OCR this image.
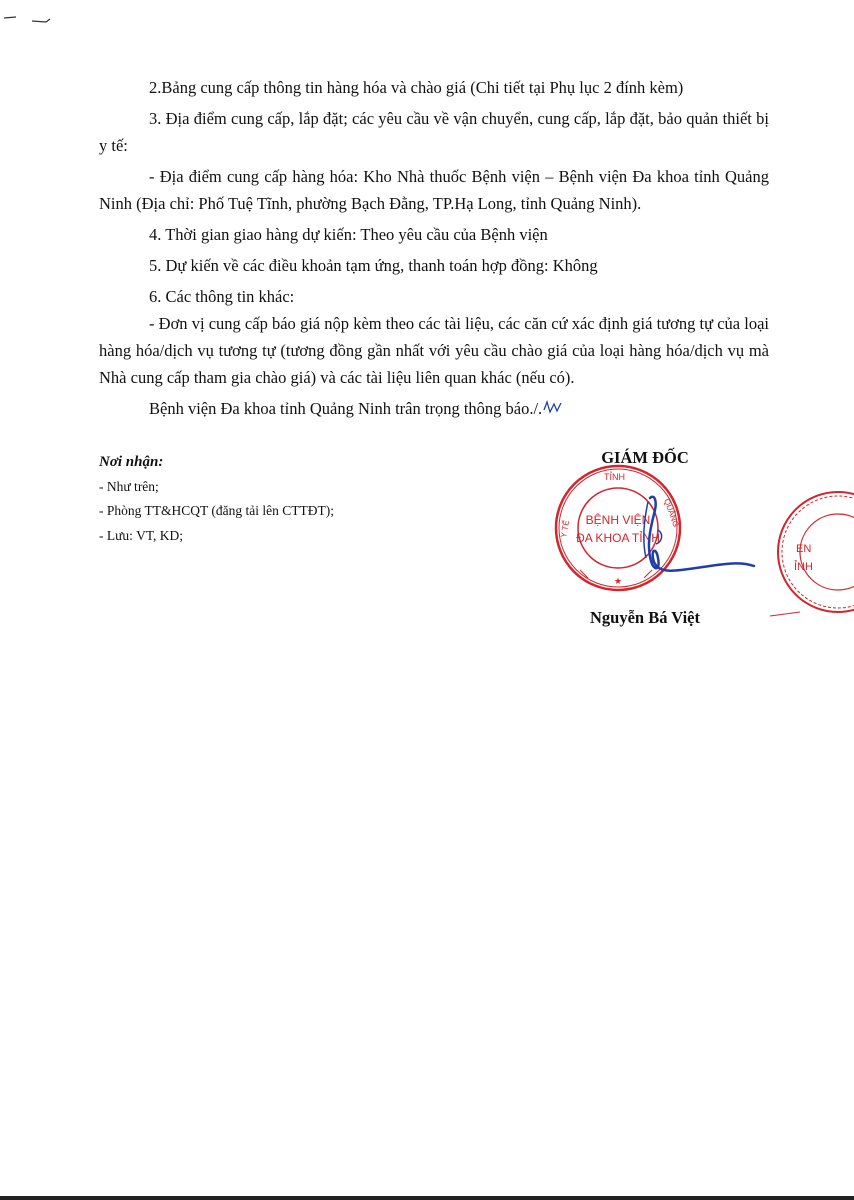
2.Bảng cung cấp thông tin hàng hóa và chào giá (Chi tiết tại Phụ lục 2 đính kèm)

3. Địa điểm cung cấp, lắp đặt; các yêu cầu về vận chuyển, cung cấp, lắp đặt, bảo quản thiết bị y tế:

- Địa điểm cung cấp hàng hóa: Kho Nhà thuốc Bệnh viện – Bệnh viện Đa khoa tỉnh Quảng Ninh (Địa chỉ: Phố Tuệ Tĩnh, phường Bạch Đằng, TP.Hạ Long, tỉnh Quảng Ninh).

4. Thời gian giao hàng dự kiến: Theo yêu cầu của Bệnh viện

5. Dự kiến về các điều khoản tạm ứng, thanh toán hợp đồng: Không

6. Các thông tin khác:

- Đơn vị cung cấp báo giá nộp kèm theo các tài liệu, các căn cứ xác định giá tương tự của loại hàng hóa/dịch vụ tương tự (tương đồng gần nhất với yêu cầu chào giá của loại hàng hóa/dịch vụ mà Nhà cung cấp tham gia chào giá) và các tài liệu liên quan khác (nếu có).

Bệnh viện Đa khoa tỉnh Quảng Ninh trân trọng thông báo./.

Nơi nhận:
- Như trên;
- Phòng TT&HCQT (đăng tải lên CTTĐT);
- Lưu: VT, KD;
GIÁM ĐỐC
Nguyễn Bá Việt
TỈNH
QUẢNG
Y TẾ BỆNH VIỆN
ĐA KHOA TỈNH
★
ẸN
ỈNH
